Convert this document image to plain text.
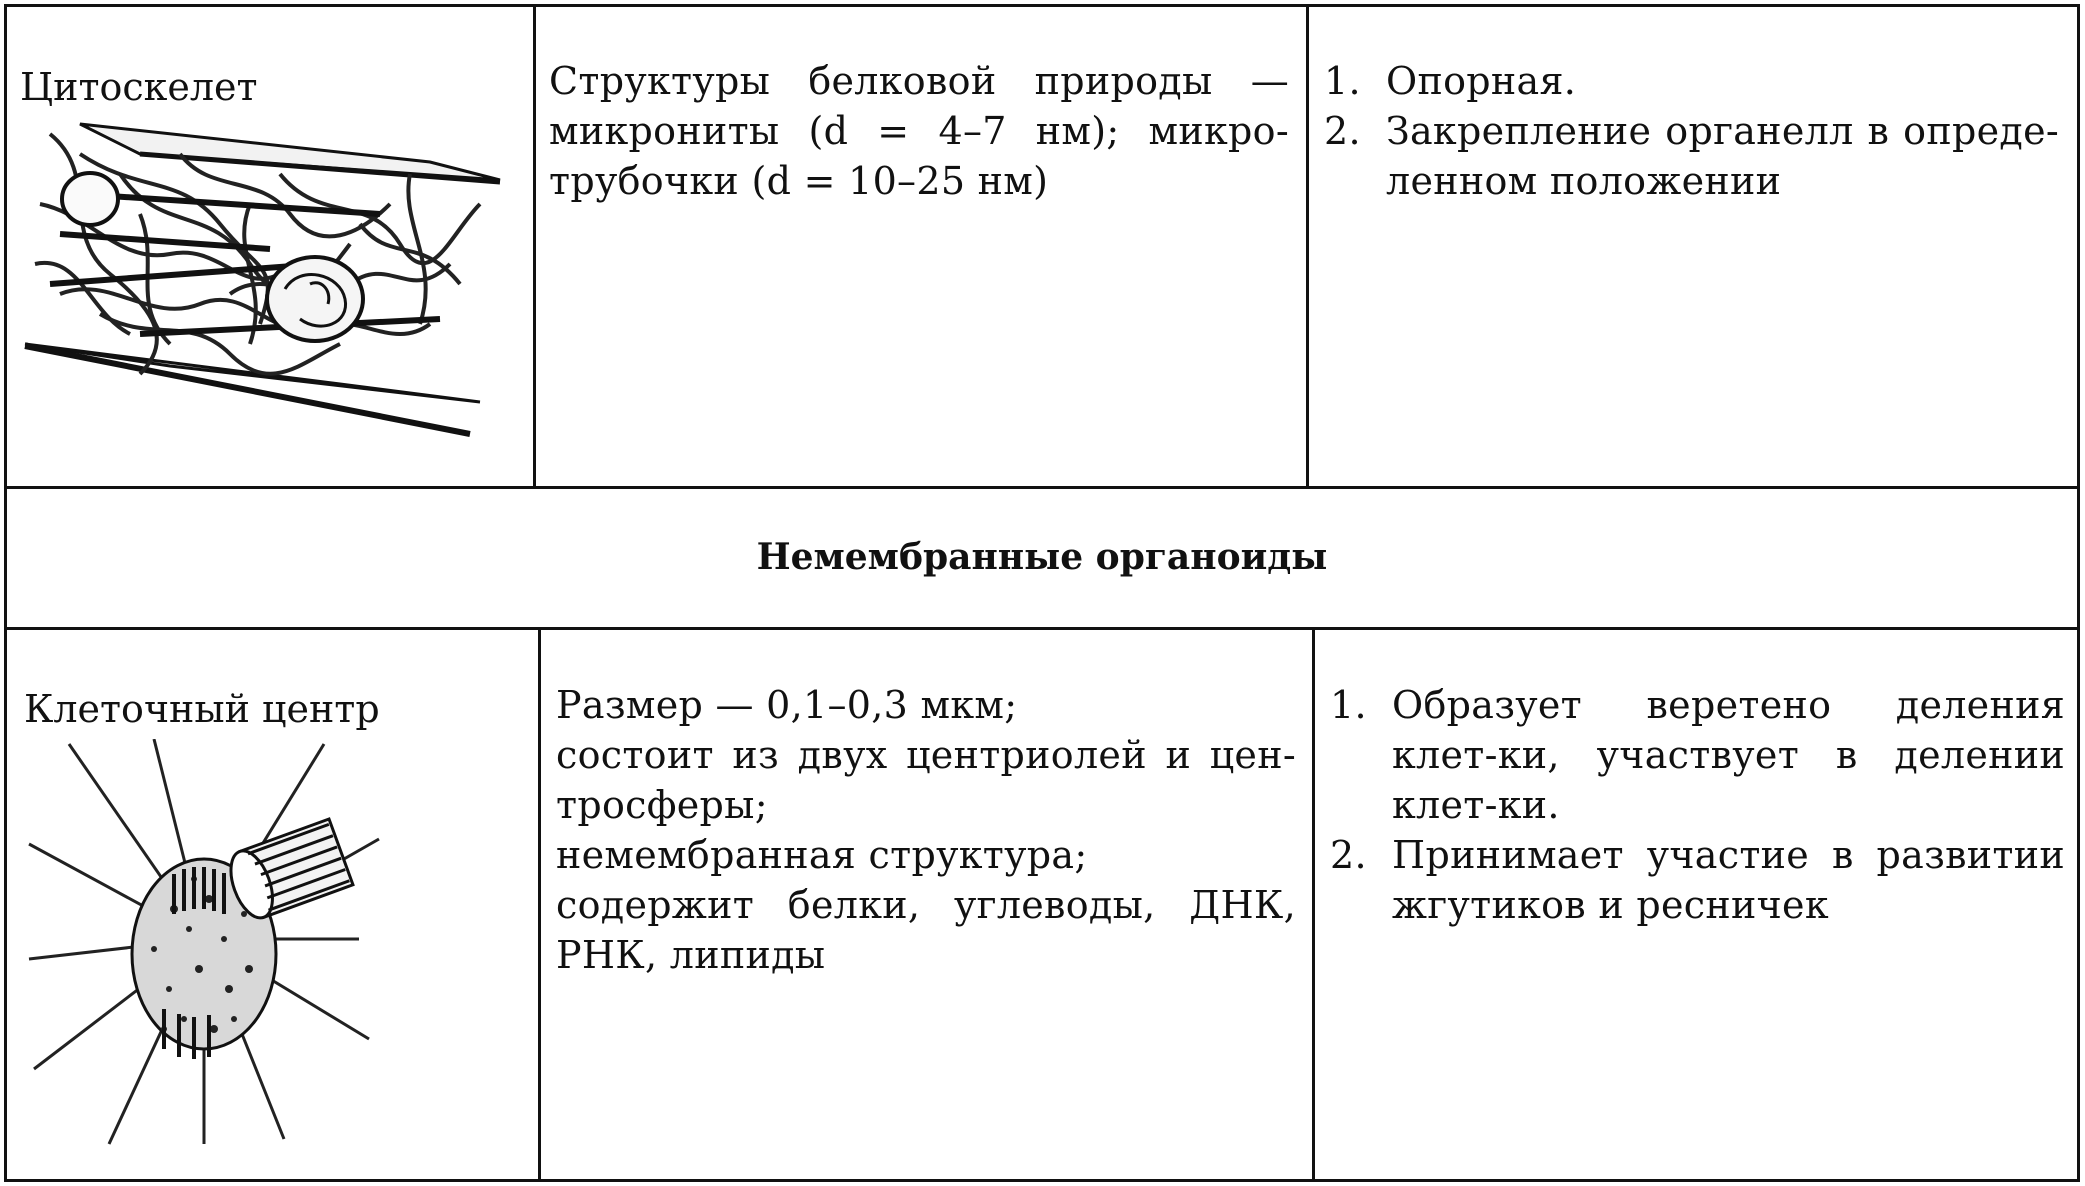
Цитоскелет	Структуры белковой природы —

микрониты (d = 4–7 нм); микро-

трубочки (d = 10–25 нм)

1. Опорная.
2. Закрепление органелл в опреде-ленном положении
Немембранные органоиды
Клеточный центр	Размер — 0,1–0,3 мкм;

состоит из двух центриолей и цен-

тросферы;

немембранная структура;

содержит белки, углеводы, ДНК,

РНК, липиды

1. Образует веретено деления клет-ки, участвует в делении клет-ки.
2. Принимает участие в развитии жгутиков и ресничек
